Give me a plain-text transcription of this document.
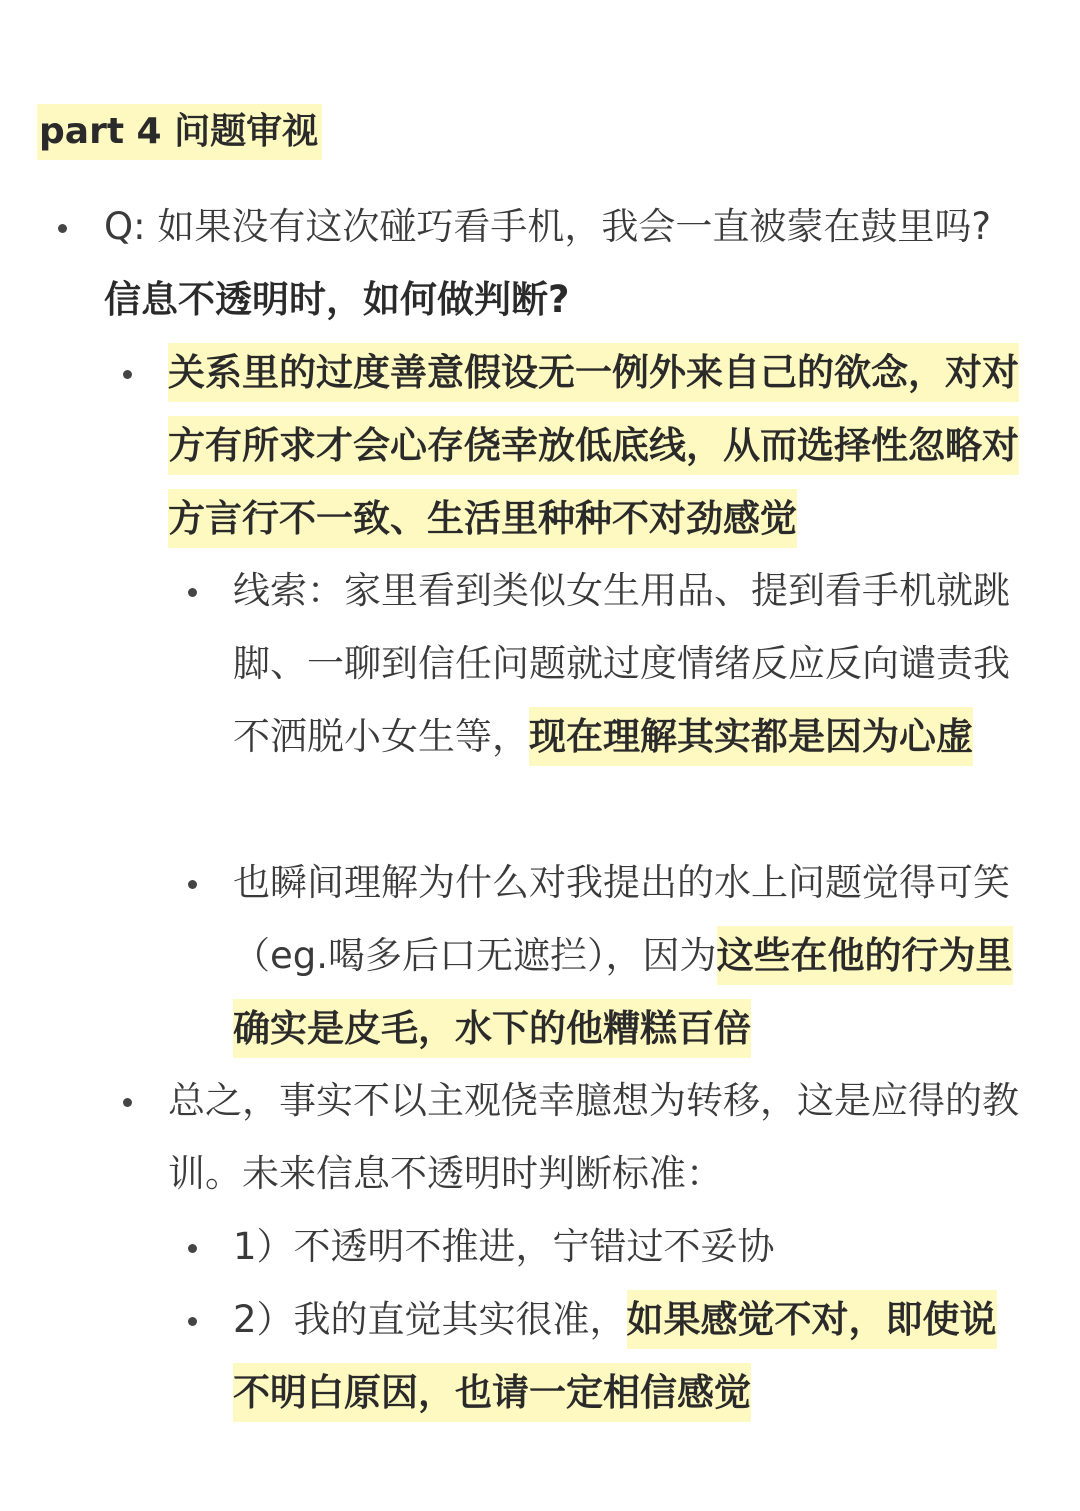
part 4 问题审视
Q: 如果没有这次碰巧看手机，我会一直被蒙在鼓里吗? 信息不透明时，如何做判断?
关系里的过度善意假设无一例外来自己的欲念，对对方有所求才会心存侥幸放低底线，从而选择性忽略对方言行不一致、生活里种种不对劲感觉
线索：家里看到类似女生用品、提到看手机就跳脚、一聊到信任问题就过度情绪反应反向谴责我不洒脱小女生等，现在理解其实都是因为心虚
也瞬间理解为什么对我提出的水上问题觉得可笑（eg.喝多后口无遮拦），因为这些在他的行为里确实是皮毛，水下的他糟糕百倍
总之，事实不以主观侥幸臆想为转移，这是应得的教训。未来信息不透明时判断标准：
1）不透明不推进，宁错过不妥协
2）我的直觉其实很准，如果感觉不对，即使说不明白原因，也请一定相信感觉
